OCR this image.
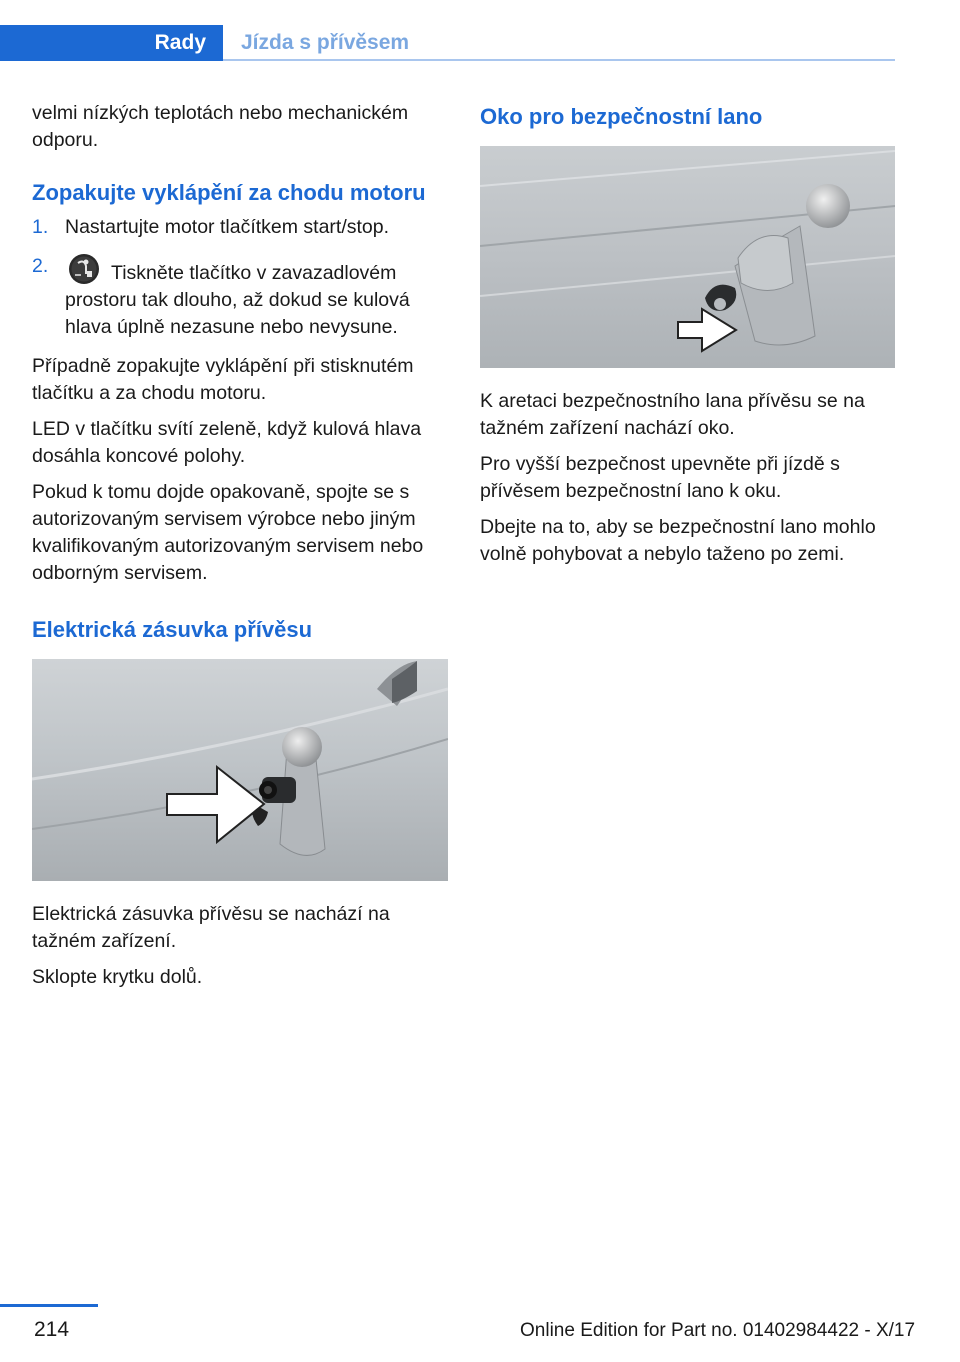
Rady	Jízda s přívěsem

velmi nízkých teplotách nebo mechanickém odporu.

Zopakujte vyklápění za chodu motoru
1. Nastartujte motor tlačítkem start/stop.
2.	Tiskněte tlačítko v zavazadlovém prostoru tak dlouho, až dokud se kulová hlava úplně nezasune nebo nevysune.

Případně zopakujte vyklápění při stisknutém tlačítku a za chodu motoru.

LED v tlačítku svítí zeleně, když kulová hlava dosáhla koncové polohy.

Pokud k tomu dojde opakovaně, spojte se s autorizovaným servisem výrobce nebo jiným kvalifikovaným autorizovaným servisem nebo odborným servisem.

Elektrická zásuvka přívěsu

Elektrická zásuvka přívěsu se nachází na tažném zařízení.

Sklopte krytku dolů.

Oko pro bezpečnostní lano

K aretaci bezpečnostního lana přívěsu se na tažném zařízení nachází oko.

Pro vyšší bezpečnost upevněte při jízdě s přívěsem bezpečnostní lano k oku.

Dbejte na to, aby se bezpečnostní lano mohlo volně pohybovat a nebylo taženo po zemi.

214	Online Edition for Part no. 01402984422 - X/17
